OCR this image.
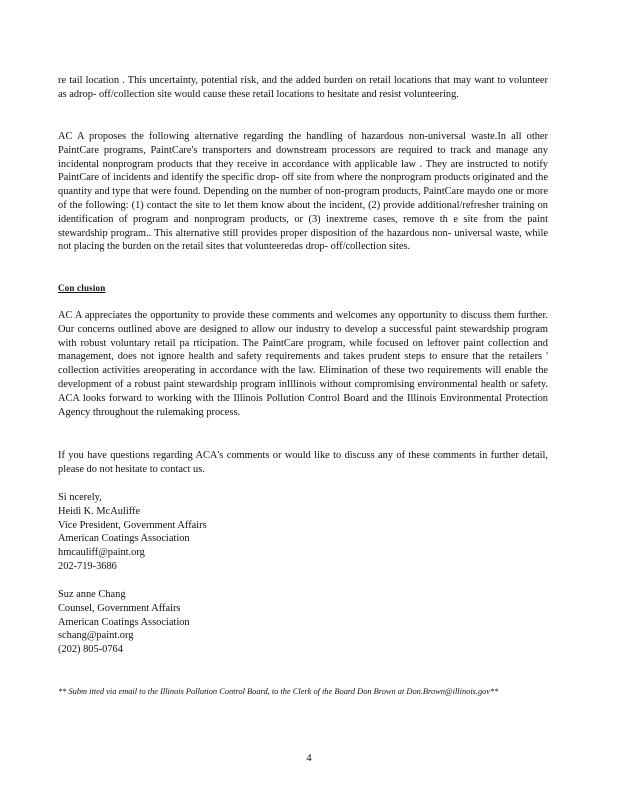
re tail location . This uncertainty, potential risk, and the added burden on retail locations that may want to volunteer as adrop- off/collection site would cause these retail locations to hesitate and resist volunteering.

AC A proposes the following alternative regarding the handling of hazardous non-universal waste.In all other PaintCare programs, PaintCare's transporters and downstream processors are required to track and manage any incidental nonprogram products that they receive in accordance with applicable law . They are instructed to notify PaintCare of incidents and identify the specific drop- off site from where the nonprogram products originated and the quantity and type that were found. Depending on the number of non-program products, PaintCare maydo one or more of the following: (1) contact the site to let them know about the incident, (2) provide additional/refresher training on identification of program and nonprogram products, or (3) inextreme cases, remove th e site from the paint stewardship program.. This alternative still provides proper disposition of the hazardous non- universal waste, while not placing the burden on the retail sites that volunteeredas drop- off/collection sites.

Con clusion

AC A appreciates the opportunity to provide these comments and welcomes any opportunity to discuss them further. Our concerns outlined above are designed to allow our industry to develop a successful paint stewardship program with robust voluntary retail pa rticipation. The PaintCare program, while focused on leftover paint collection and management, does not ignore health and safety requirements and takes prudent steps to ensure that the retailers ' collection activities areoperating in accordance with the law. Elimination of these two requirements will enable the development of a robust paint stewardship program inIllinois without compromising environmental health or safety. ACA looks forward to working with the Illinois Pollution Control Board and the Illinois Environmental Protection Agency throughout the rulemaking process.

If you have questions regarding ACA's comments or would like to discuss any of these comments in further detail, please do not hesitate to contact us.

Si ncerely,
Heidi K. McAuliffe
Vice President, Government Affairs
American Coatings Association
hmcauliff@paint.org
202-719-3686
Suz anne Chang
Counsel, Government Affairs
American Coatings Association
schang@paint.org
(202) 805-0764

** Subm itted via email to the Illinois Pollution Control Board, to the Clerk of the Board Don Brown at Don.Brown@illinois.gov**

4
